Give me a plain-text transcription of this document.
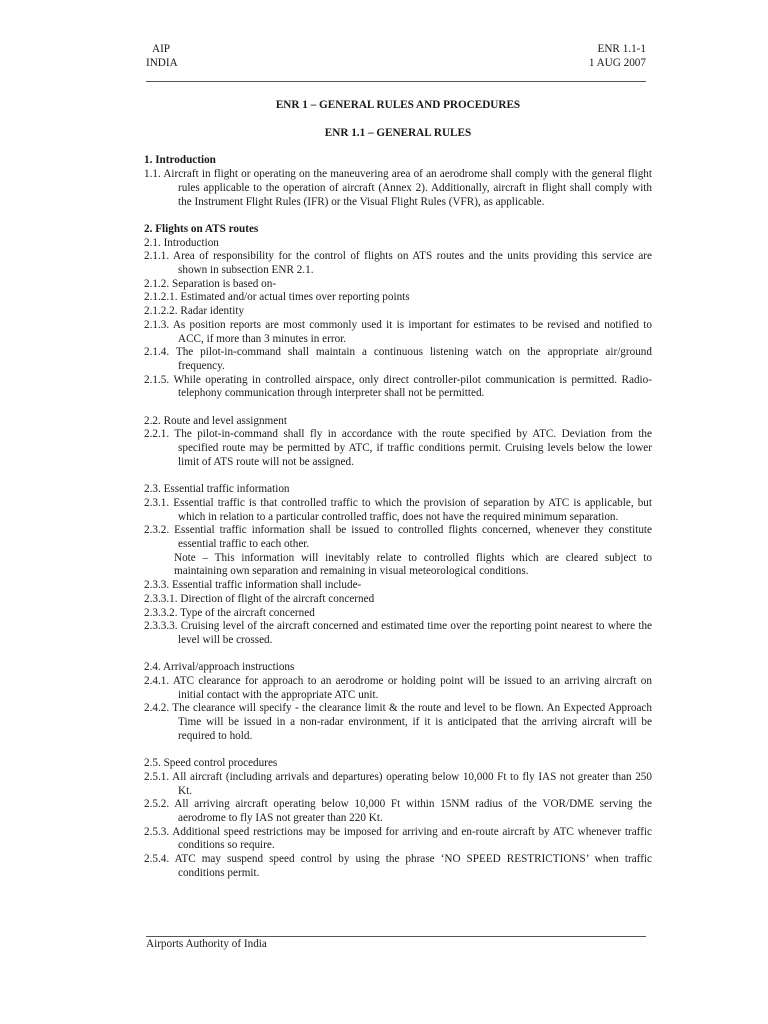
AIP
INDIA
ENR 1.1-1
1 AUG 2007

ENR 1 – GENERAL RULES AND PROCEDURES

ENR 1.1 – GENERAL RULES

1. Introduction

1.1. Aircraft in flight or operating on the maneuvering area of an aerodrome shall comply with the general flight rules applicable to the operation of aircraft (Annex 2). Additionally, aircraft in flight shall comply with the Instrument Flight Rules (IFR) or the Visual Flight Rules (VFR), as applicable.

2. Flights on ATS routes

2.1. Introduction

2.1.1. Area of responsibility for the control of flights on ATS routes and the units providing this service are shown in subsection ENR 2.1.

2.1.2. Separation is based on-

2.1.2.1. Estimated and/or actual times over reporting points

2.1.2.2. Radar identity

2.1.3. As position reports are most commonly used it is important for estimates to be revised and notified to ACC, if more than 3 minutes in error.

2.1.4. The pilot-in-command shall maintain a continuous listening watch on the appropriate air/ground frequency.

2.1.5. While operating in controlled airspace, only direct controller-pilot communication is permitted. Radio-telephony communication through interpreter shall not be permitted.

2.2. Route and level assignment

2.2.1. The pilot-in-command shall fly in accordance with the route specified by ATC. Deviation from the specified route may be permitted by ATC, if traffic conditions permit. Cruising levels below the lower limit of ATS route will not be assigned.

2.3. Essential traffic information

2.3.1. Essential traffic is that controlled traffic to which the provision of separation by ATC is applicable, but which in relation to a particular controlled traffic, does not have the required minimum separation.

2.3.2. Essential traffic information shall be issued to controlled flights concerned, whenever they constitute essential traffic to each other.

Note – This information will inevitably relate to controlled flights which are cleared subject to maintaining own separation and remaining in visual meteorological conditions.

2.3.3. Essential traffic information shall include-

2.3.3.1. Direction of flight of the aircraft concerned

2.3.3.2. Type of the aircraft concerned

2.3.3.3. Cruising level of the aircraft concerned and estimated time over the reporting point nearest to where the level will be crossed.

2.4. Arrival/approach instructions

2.4.1. ATC clearance for approach to an aerodrome or holding point will be issued to an arriving aircraft on initial contact with the appropriate ATC unit.

2.4.2. The clearance will specify - the clearance limit & the route and level to be flown. An Expected Approach Time will be issued in a non-radar environment, if it is anticipated that the arriving aircraft will be required to hold.

2.5. Speed control procedures

2.5.1. All aircraft (including arrivals and departures) operating below 10,000 Ft to fly IAS not greater than 250 Kt.

2.5.2. All arriving aircraft operating below 10,000 Ft within 15NM radius of the VOR/DME serving the aerodrome to fly IAS not greater than 220 Kt.

2.5.3. Additional speed restrictions may be imposed for arriving and en-route aircraft by ATC whenever traffic conditions so require.

2.5.4. ATC may suspend speed control by using the phrase ‘NO SPEED RESTRICTIONS’ when traffic conditions permit.

Airports Authority of India
